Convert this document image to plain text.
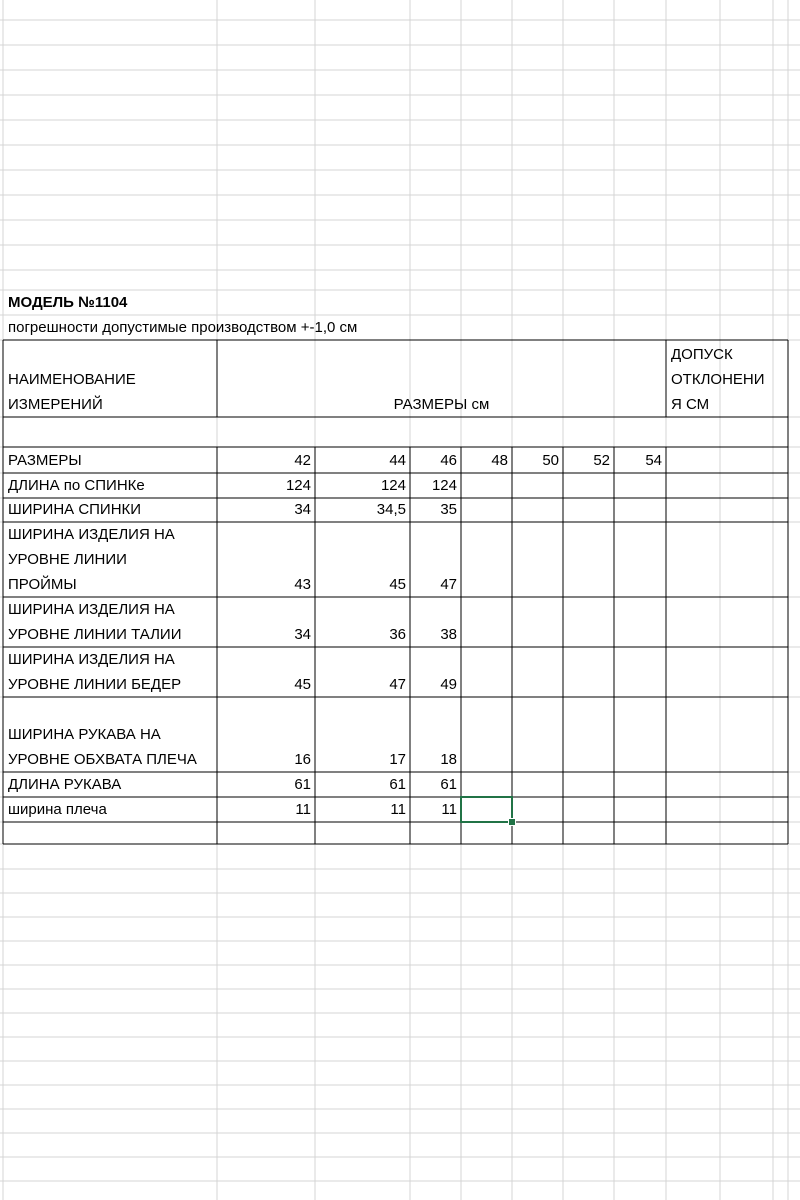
МОДЕЛЬ №1104
погрешности допустимые производством +-1,0 см
НАИМЕНОВАНИЕ
ИЗМЕРЕНИЙ	РАЗМЕРЫ см
ДОПУСК
ОТКЛОНЕНИ
Я СМ
РАЗМЕРЫ	42	44	46	48	50	52	54
ДЛИНА по СПИНКе	124	124	124
ШИРИНА СПИНКИ	34	34,5	35
ШИРИНА ИЗДЕЛИЯ НА
УРОВНЕ ЛИНИИ
ПРОЙМЫ	43	45	47
ШИРИНА ИЗДЕЛИЯ НА
УРОВНЕ ЛИНИИ ТАЛИИ	34	36	38
ШИРИНА ИЗДЕЛИЯ НА
УРОВНЕ ЛИНИИ БЕДЕР	45	47	49
ШИРИНА РУКАВА НА
УРОВНЕ ОБХВАТА ПЛЕЧА	16	17	18
ДЛИНА РУКАВА	61	61	61
ширина плеча	11	11	11
